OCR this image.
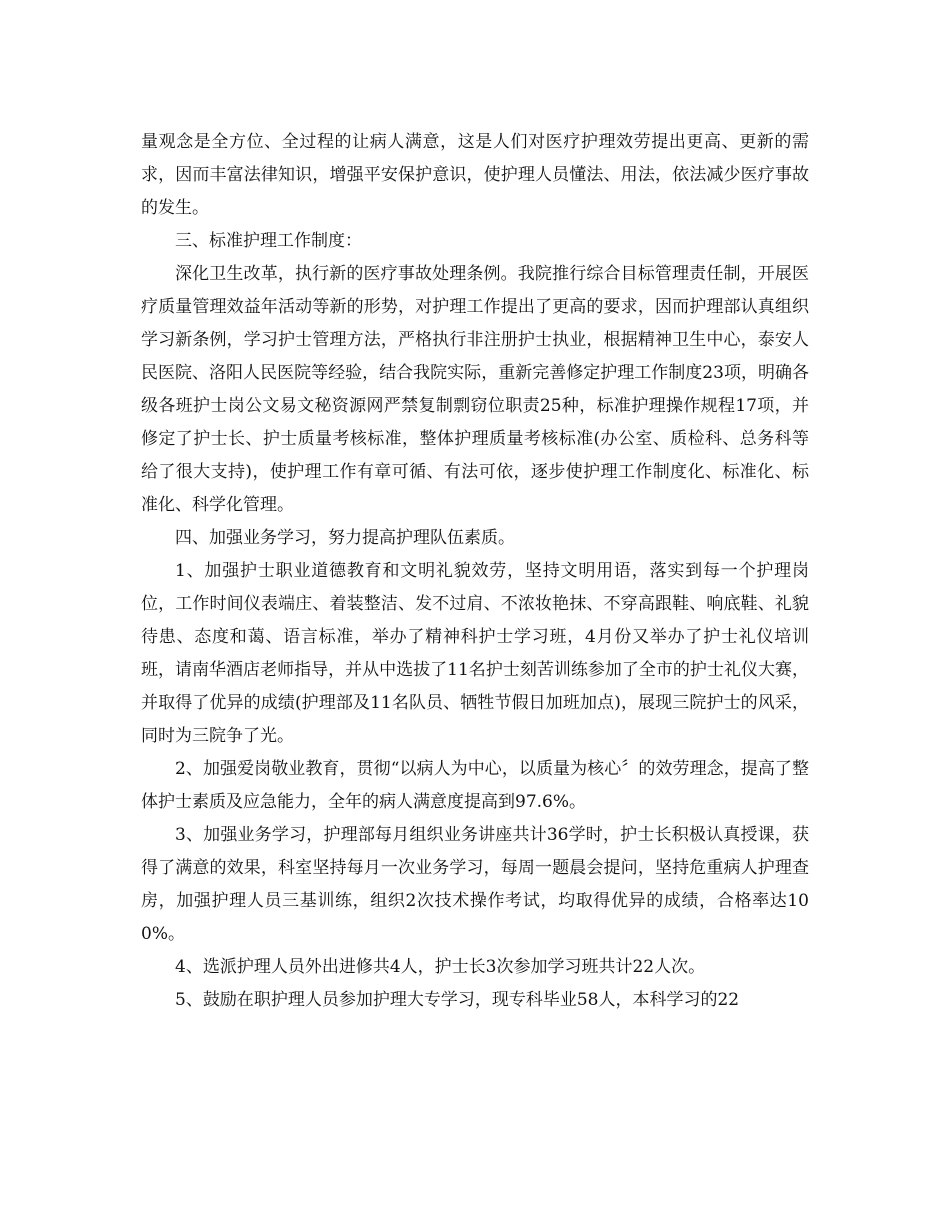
量观念是全方位、全过程的让病人满意，这是人们对医疗护理效劳提出更高、更新的需求，因而丰富法律知识，增强平安保护意识，使护理人员懂法、用法，依法减少医疗事故的发生。

三、标准护理工作制度：

深化卫生改革，执行新的医疗事故处理条例。我院推行综合目标管理责任制，开展医疗质量管理效益年活动等新的形势，对护理工作提出了更高的要求，因而护理部认真组织学习新条例，学习护士管理方法，严格执行非注册护士执业，根据精神卫生中心，泰安人民医院、洛阳人民医院等经验，结合我院实际，重新完善修定护理工作制度23项，明确各级各班护士岗公文易文秘资源网严禁复制剽窃位职责25种，标准护理操作规程17项，并修定了护士长、护士质量考核标准，整体护理质量考核标准(办公室、质检科、总务科等给了很大支持)，使护理工作有章可循、有法可依，逐步使护理工作制度化、标准化、标准化、科学化管理。

四、加强业务学习，努力提高护理队伍素质。

1、加强护士职业道德教育和文明礼貌效劳，坚持文明用语，落实到每一个护理岗位，工作时间仪表端庄、着装整洁、发不过肩、不浓妆艳抹、不穿高跟鞋、响底鞋、礼貌待患、态度和蔼、语言标准，举办了精神科护士学习班，4月份又举办了护士礼仪培训班，请南华酒店老师指导，并从中选拔了11名护士刻苦训练参加了全市的护士礼仪大赛，并取得了优异的成绩(护理部及11名队员、牺牲节假日加班加点)，展现三院护士的风采，同时为三院争了光。

2、加强爱岗敬业教育，贯彻“以病人为中心，以质量为核心〞的效劳理念，提高了整体护士素质及应急能力，全年的病人满意度提高到97.6%。

3、加强业务学习，护理部每月组织业务讲座共计36学时，护士长积极认真授课，获得了满意的效果，科室坚持每月一次业务学习，每周一题晨会提问，坚持危重病人护理查房，加强护理人员三基训练，组织2次技术操作考试，均取得优异的成绩，合格率达100%。

4、选派护理人员外出进修共4人，护士长3次参加学习班共计22人次。

5、鼓励在职护理人员参加护理大专学习，现专科毕业58人，本科学习的22
